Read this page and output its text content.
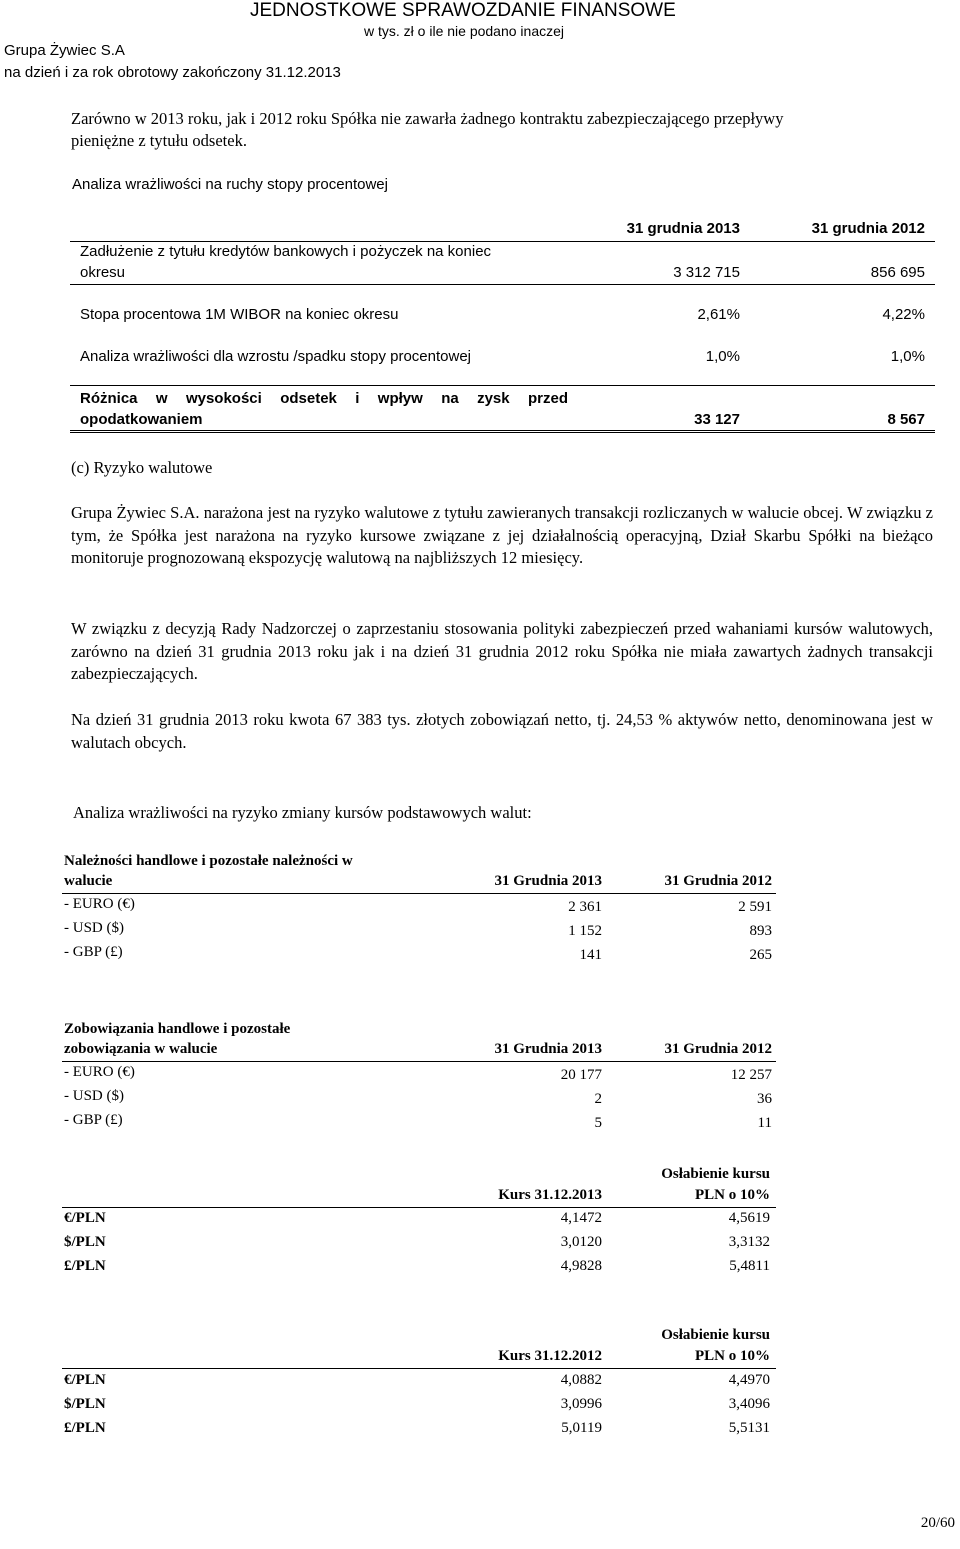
JEDNOSTKOWE SPRAWOZDANIE FINANSOWE
w tys. zł o ile nie podano inaczej
Grupa Żywiec S.A
na dzień i za rok obrotowy zakończony 31.12.2013
Zarówno w 2013 roku, jak i 2012 roku Spółka nie zawarła żadnego kontraktu zabezpieczającego przepływy
pieniężne z tytułu odsetek.
Analiza wrażliwości na ruchy stopy procentowej
31 grudnia 2013	31 grudnia 2012
Zadłużenie z tytułu kredytów bankowych i pożyczek na koniec
okresu	3 312 715	856 695
Stopa procentowa 1M WIBOR na koniec okresu	2,61%	4,22%
Analiza wrażliwości dla wzrostu /spadku stopy procentowej	1,0%	1,0%
Różnica w wysokości odsetek i wpływ na zysk przed
opodatkowaniem	33 127	8 567
(c) Ryzyko walutowe
Grupa Żywiec S.A. narażona jest na ryzyko walutowe z tytułu zawieranych transakcji rozliczanych w walucie obcej. W związku z tym, że Spółka jest narażona na ryzyko kursowe związane z jej działalnością operacyjną, Dział Skarbu Spółki na bieżąco monitoruje prognozowaną ekspozycję walutową na najbliższych 12 miesięcy.
W związku z decyzją Rady Nadzorczej o zaprzestaniu stosowania polityki zabezpieczeń przed wahaniami kursów walutowych, zarówno na dzień 31 grudnia 2013 roku jak i na dzień 31 grudnia 2012 roku Spółka nie miała zawartych żadnych transakcji zabezpieczających.
Na dzień 31 grudnia 2013 roku kwota 67 383 tys. złotych zobowiązań netto, tj. 24,53 % aktywów netto, denominowana jest w walutach obcych.
Analiza wrażliwości na ryzyko zmiany kursów podstawowych walut:
Należności handlowe i pozostałe należności w
walucie	31 Grudnia 2013	31 Grudnia 2012
- EURO (€)	2 361	2 591
- USD ($)	1 152	893
- GBP (£)	141	265
Zobowiązania handlowe i pozostałe
zobowiązania w walucie	31 Grudnia 2013	31 Grudnia 2012
- EURO (€)	20 177	12 257
- USD ($)	2	36
- GBP (£)	5	11
Osłabienie kursu
Kurs 31.12.2013	PLN o 10%
€/PLN	4,1472	4,5619
$/PLN	3,0120	3,3132
£/PLN	4,9828	5,4811
Osłabienie kursu
Kurs 31.12.2012	PLN o 10%
€/PLN	4,0882	4,4970
$/PLN	3,0996	3,4096
£/PLN	5,0119	5,5131
20/60
